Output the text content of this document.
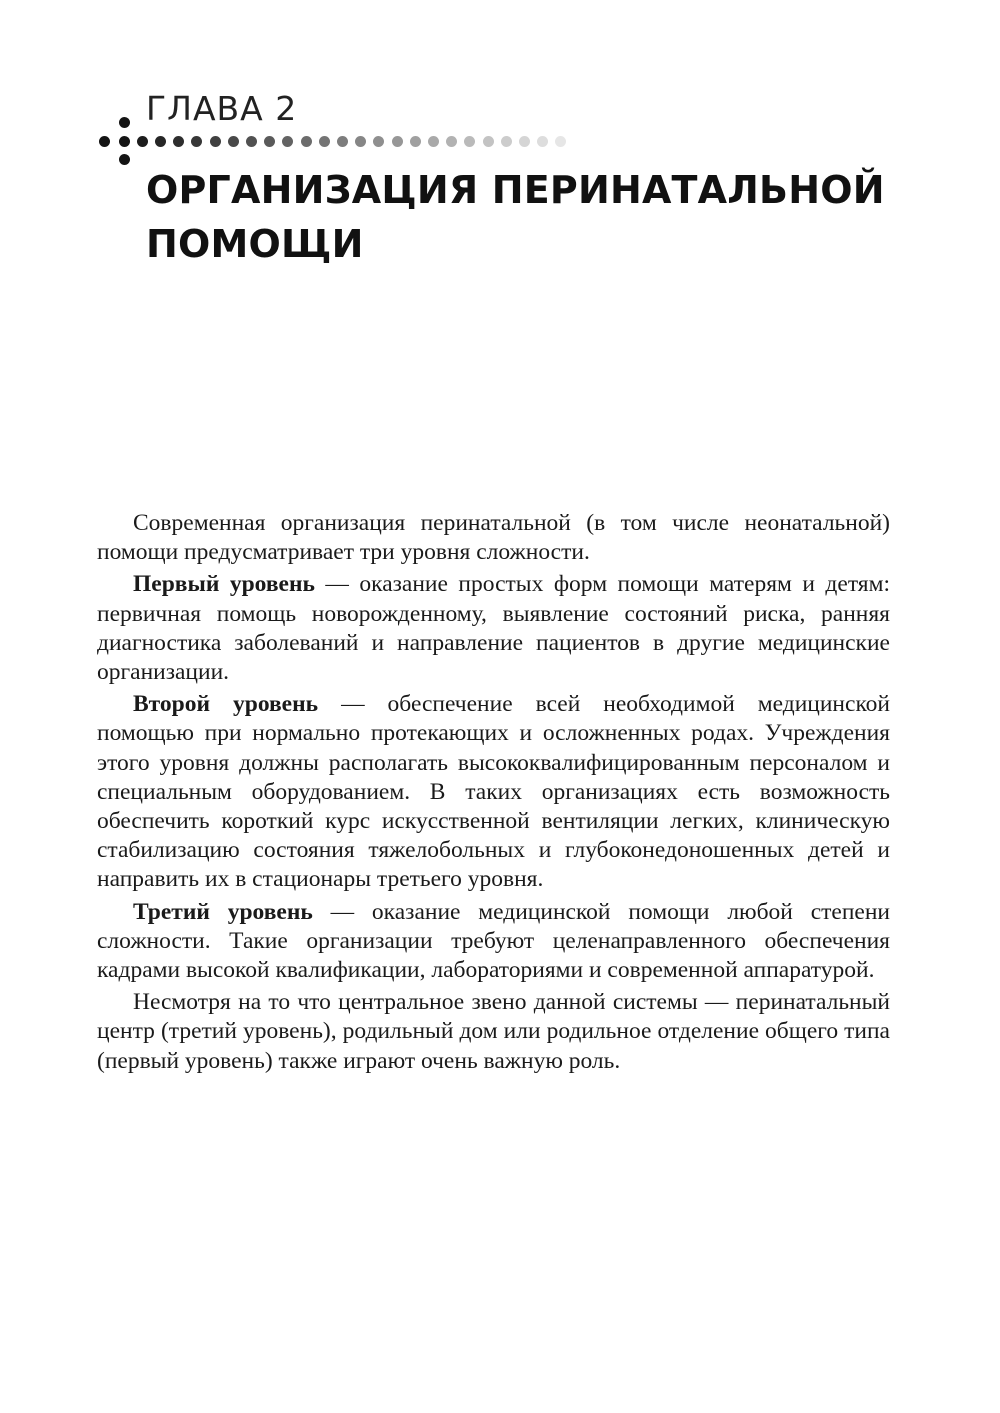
ГЛАВА 2
ОРГАНИЗАЦИЯ ПЕРИНАТАЛЬНОЙ
ПОМОЩИ

Современная организация перинатальной (в том числе неонатальной) помощи предусматривает три уровня сложности.

Первый уровень — оказание простых форм помощи матерям и детям: первичная помощь новорожденному, выявление состояний риска, ранняя диагностика заболеваний и направление пациентов в другие медицинские организации.

Второй уровень — обеспечение всей необходимой медицинской помощью при нормально протекающих и осложненных родах. Учреждения этого уровня должны располагать высококвалифицированным персоналом и специальным оборудованием. В таких организациях есть возможность обеспечить короткий курс искусственной вентиляции легких, клиническую стабилизацию состояния тяжелобольных и глубоконедоношенных детей и направить их в стационары третьего уровня.

Третий уровень — оказание медицинской помощи любой степени сложности. Такие организации требуют целенаправленного обеспечения кадрами высокой квалификации, лабораториями и современной аппаратурой.

Несмотря на то что центральное звено данной системы — перинатальный центр (третий уровень), родильный дом или родильное отделение общего типа (первый уровень) также играют очень важную роль.
